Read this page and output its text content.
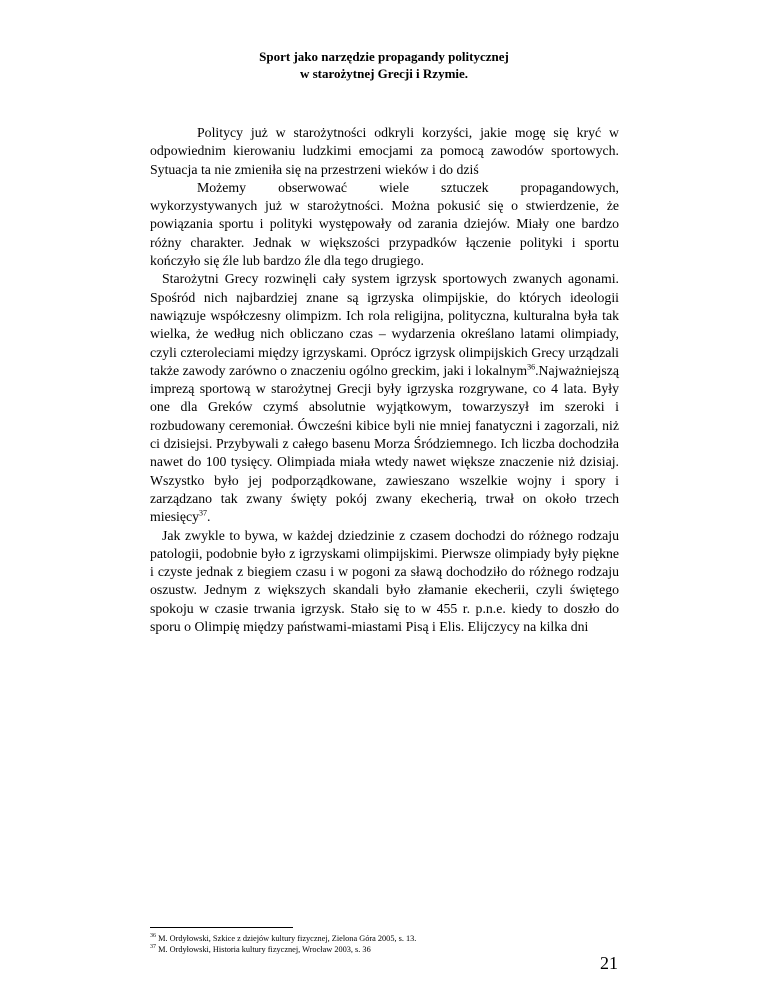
Sport jako narzędzie propagandy politycznej
w starożytnej Grecji i Rzymie.

Politycy już w starożytności odkryli korzyści, jakie mogę się kryć w odpowiednim kierowaniu ludzkimi emocjami za pomocą zawodów sportowych. Sytuacja ta nie zmieniła się na przestrzeni wieków i do dziś
Możemy obserwować wiele sztuczek propagandowych,
wykorzystywanych już w starożytności. Można pokusić się o stwierdzenie, że powiązania sportu i polityki występowały od zarania dziejów. Miały one bardzo różny charakter. Jednak w większości przypadków łączenie polityki i sportu kończyło się źle lub bardzo źle dla tego drugiego.

Starożytni Grecy rozwinęli cały system igrzysk sportowych zwanych agonami. Spośród nich najbardziej znane są igrzyska olimpijskie, do których ideologii nawiązuje współczesny olimpizm. Ich rola religijna, polityczna, kulturalna była tak wielka, że według nich obliczano czas – wydarzenia określano latami olimpiady, czyli czteroleciami między igrzyskami. Oprócz igrzysk olimpijskich Grecy urządzali także zawody zarówno o znaczeniu ogólno greckim, jaki i lokalnym$^{36}$.Najważniejszą imprezą sportową w starożytnej Grecji były igrzyska rozgrywane, co 4 lata. Były one dla Greków czymś absolutnie wyjątkowym, towarzyszył im szeroki i rozbudowany ceremoniał. Ówcześni kibice byli nie mniej fanatyczni i zagorzali, niż ci dzisiejsi. Przybywali z całego basenu Morza Śródziemnego. Ich liczba dochodziła nawet do 100 tysięcy. Olimpiada miała wtedy nawet większe znaczenie niż dzisiaj. Wszystko było jej podporządkowane, zawieszano wszelkie wojny i spory i zarządzano tak zwany święty pokój zwany ekecherią, trwał on około trzech miesięcy$^{37}$.

Jak zwykle to bywa, w każdej dziedzinie z czasem dochodzi do różnego rodzaju patologii, podobnie było z igrzyskami olimpijskimi. Pierwsze olimpiady były piękne i czyste jednak z biegiem czasu i w pogoni za sławą dochodziło do różnego rodzaju oszustw. Jednym z większych skandali było złamanie ekecherii, czyli świętego spokoju w czasie trwania igrzysk. Stało się to w 455 r. p.n.e. kiedy to doszło do sporu o Olimpię między państwami-miastami Pisą i Elis. Elijczycy na kilka dni

$^{36}$ M. Ordyłowski, Szkice z dziejów kultury fizycznej, Zielona Góra 2005, s. 13.
$^{37}$ M. Ordyłowski, Historia kultury fizycznej, Wrocław 2003, s. 36
21
